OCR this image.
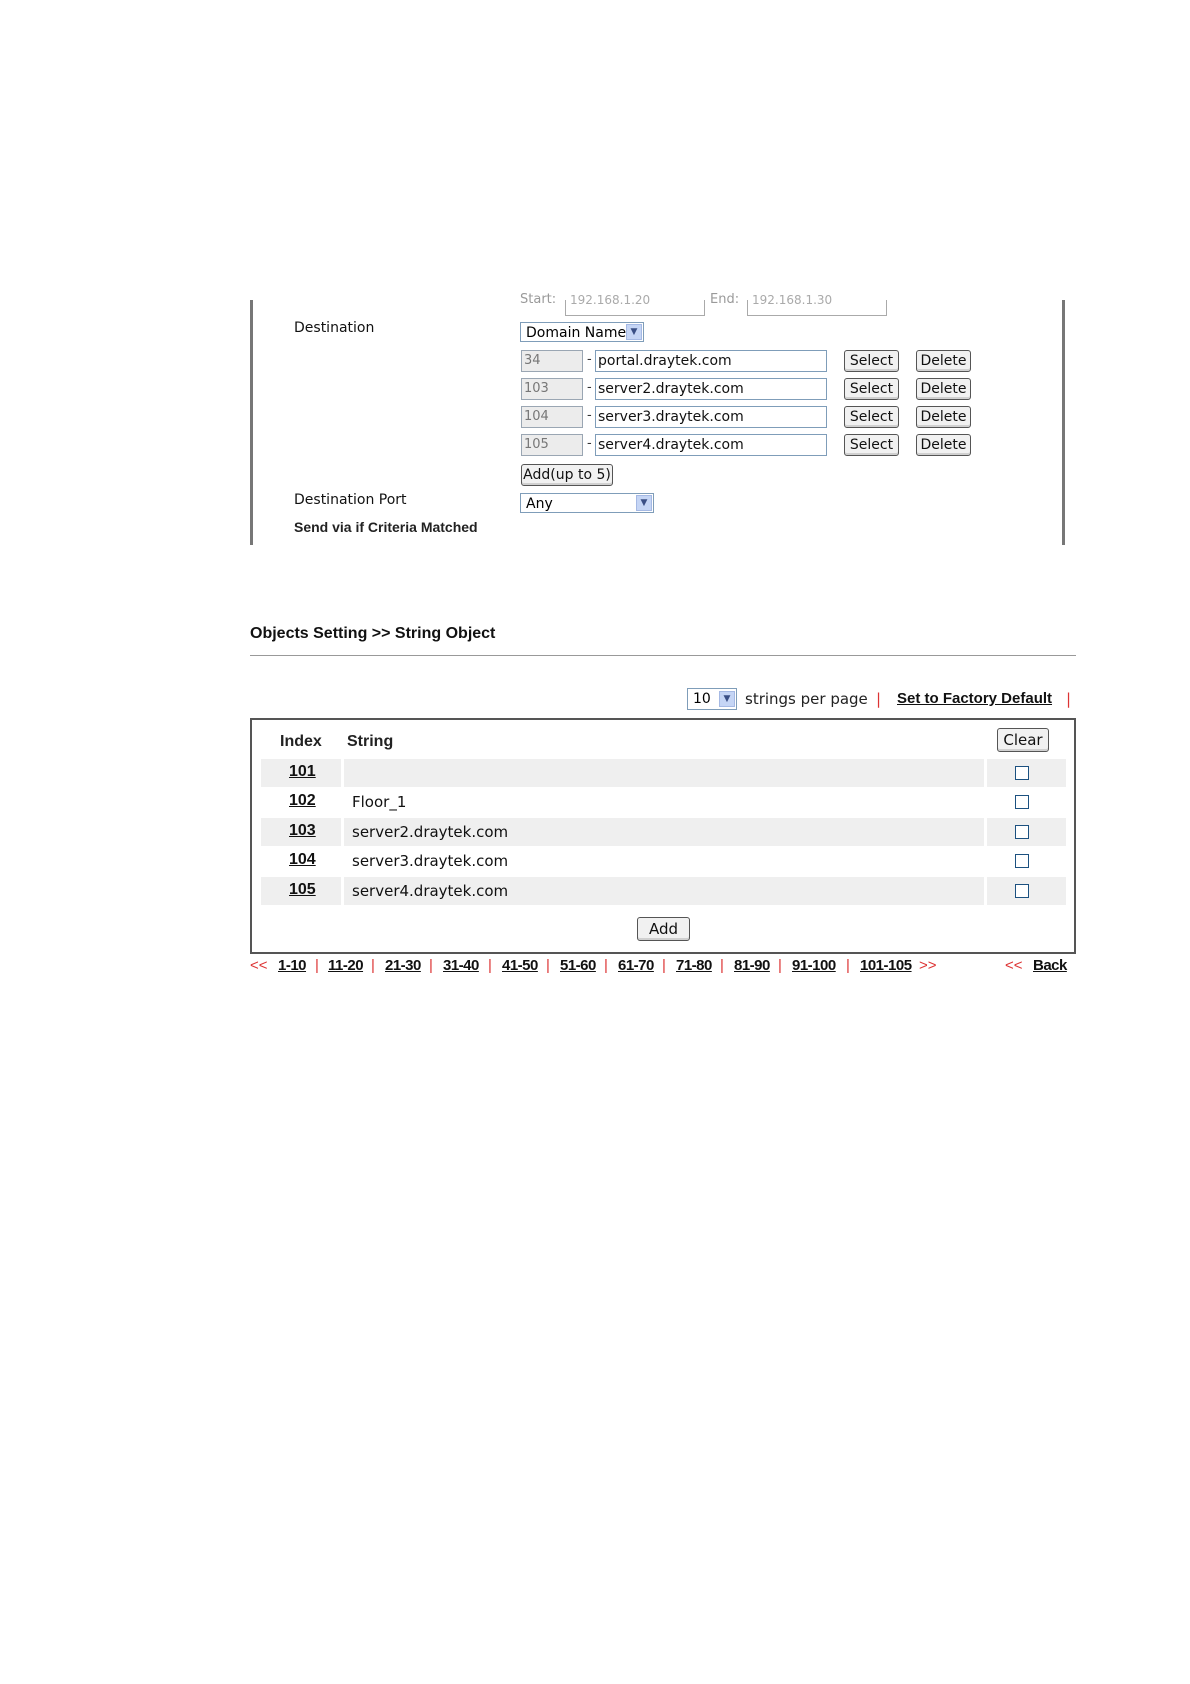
Start:	192.168.1.20	End:	192.168.1.30
Destination	Domain Name ▼
34	- portal.draytek.com	Select	Delete
103	- server2.draytek.com	Select	Delete
104	- server3.draytek.com	Select	Delete
105	- server4.draytek.com	Select	Delete
Add(up to 5)
Destination Port	Any	▼
Send via if Criteria Matched
Objects Setting >> String Object
10	▼ strings per page | Set to Factory Default |
Index String	Clear
101
102 Floor_1
103 server2.draytek.com
104 server3.draytek.com
105 server4.draytek.com
Add
<< 1-10 | 11-20 | 21-30 | 31-40 | 41-50 | 51-60 | 61-70 | 71-80 | 81-90 | 91-100 | 101-105 >>	<< Back
